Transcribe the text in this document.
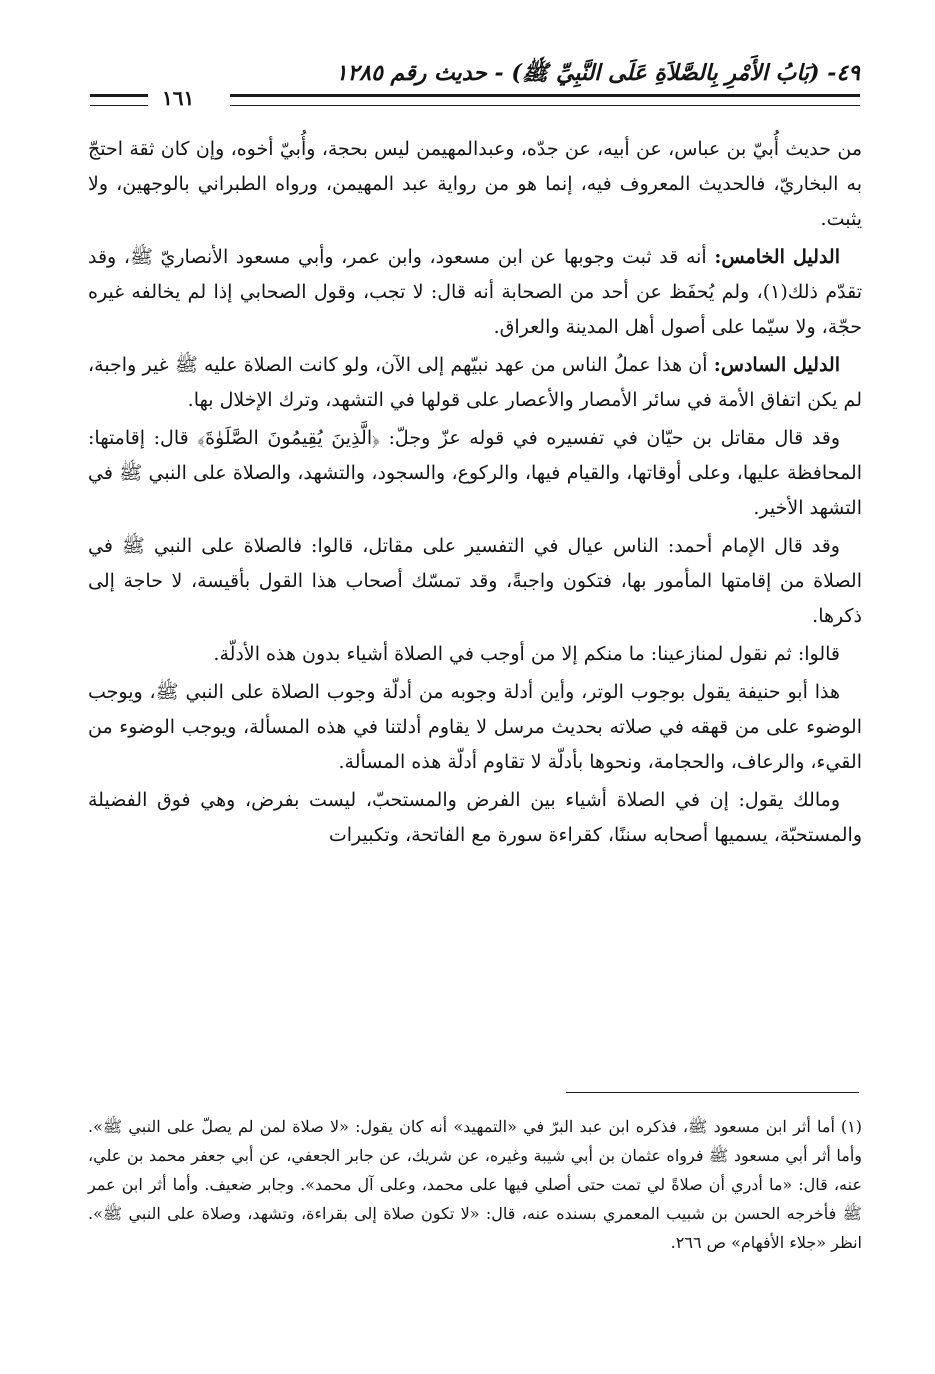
٤٩- (بَابُ الأَمْرِ بِالصَّلاَةِ عَلَى النَّبِيِّ ﷺ) - حديث رقم ١٢٨٥
١٦١

من حديث أُبيّ بن عباس، عن أبيه، عن جدّه، وعبدالمهيمن ليس بحجة، وأُبيّ أخوه، وإن كان ثقة احتجّ به البخاريّ، فالحديث المعروف فيه، إنما هو من رواية عبد المهيمن، ورواه الطبراني بالوجهين، ولا يثبت.

الدليل الخامس: أنه قد ثبت وجوبها عن ابن مسعود، وابن عمر، وأبي مسعود الأنصاريّ ﷺ، وقد تقدّم ذلك(١)، ولم يُحفَظ عن أحد من الصحابة أنه قال: لا تجب، وقول الصحابي إذا لم يخالفه غيره حجّة، ولا سيّما على أصول أهل المدينة والعراق.

الدليل السادس: أن هذا عملُ الناس من عهد نبيّهم إلى الآن، ولو كانت الصلاة عليه ﷺ غير واجبة، لم يكن اتفاق الأمة في سائر الأمصار والأعصار على قولها في التشهد، وترك الإخلال بها.

وقد قال مقاتل بن حيّان في تفسيره في قوله عزّ وجلّ: ﴿الَّذِينَ يُقِيمُونَ الصَّلَوٰةَ﴾ قال: إقامتها: المحافظة عليها، وعلى أوقاتها، والقيام فيها، والركوع، والسجود، والتشهد، والصلاة على النبي ﷺ في التشهد الأخير.

وقد قال الإمام أحمد: الناس عيال في التفسير على مقاتل، قالوا: فالصلاة على النبي ﷺ في الصلاة من إقامتها المأمور بها، فتكون واجبةً، وقد تمسّك أصحاب هذا القول بأقيسة، لا حاجة إلى ذكرها.

قالوا: ثم نقول لمنازعينا: ما منكم إلا من أوجب في الصلاة أشياء بدون هذه الأدلّة.

هذا أبو حنيفة يقول بوجوب الوتر، وأين أدلة وجوبه من أدلّة وجوب الصلاة على النبي ﷺ، ويوجب الوضوء على من قهقه في صلاته بحديث مرسل لا يقاوم أدلتنا في هذه المسألة، ويوجب الوضوء من القيء، والرعاف، والحجامة، ونحوها بأدلّة لا تقاوم أدلّة هذه المسألة.

ومالك يقول: إن في الصلاة أشياء بين الفرض والمستحبّ، ليست بفرض، وهي فوق الفضيلة والمستحبّة، يسميها أصحابه سننًا، كقراءة سورة مع الفاتحة، وتكبيرات

(١)أما أثر ابن مسعود ﷺ، فذكره ابن عبد البرّ في «التمهيد» أنه كان يقول: «لا صلاة لمن لم يصلّ على النبي ﷺ». وأما أثر أبي مسعود ﷺ فرواه عثمان بن أبي شيبة وغيره، عن شريك، عن جابر الجعفي، عن أبي جعفر محمد بن علي، عنه، قال: «ما أدري أن صلاةً لي تمت حتى أصلي فيها على محمد، وعلى آل محمد». وجابر ضعيف. وأما أثر ابن عمر ﷺ فأخرجه الحسن بن شبيب المعمري بسنده عنه، قال: «لا تكون صلاة إلى بقراءة، وتشهد، وصلاة على النبي ﷺ». انظر «جلاء الأفهام» ص ٢٦٦.
